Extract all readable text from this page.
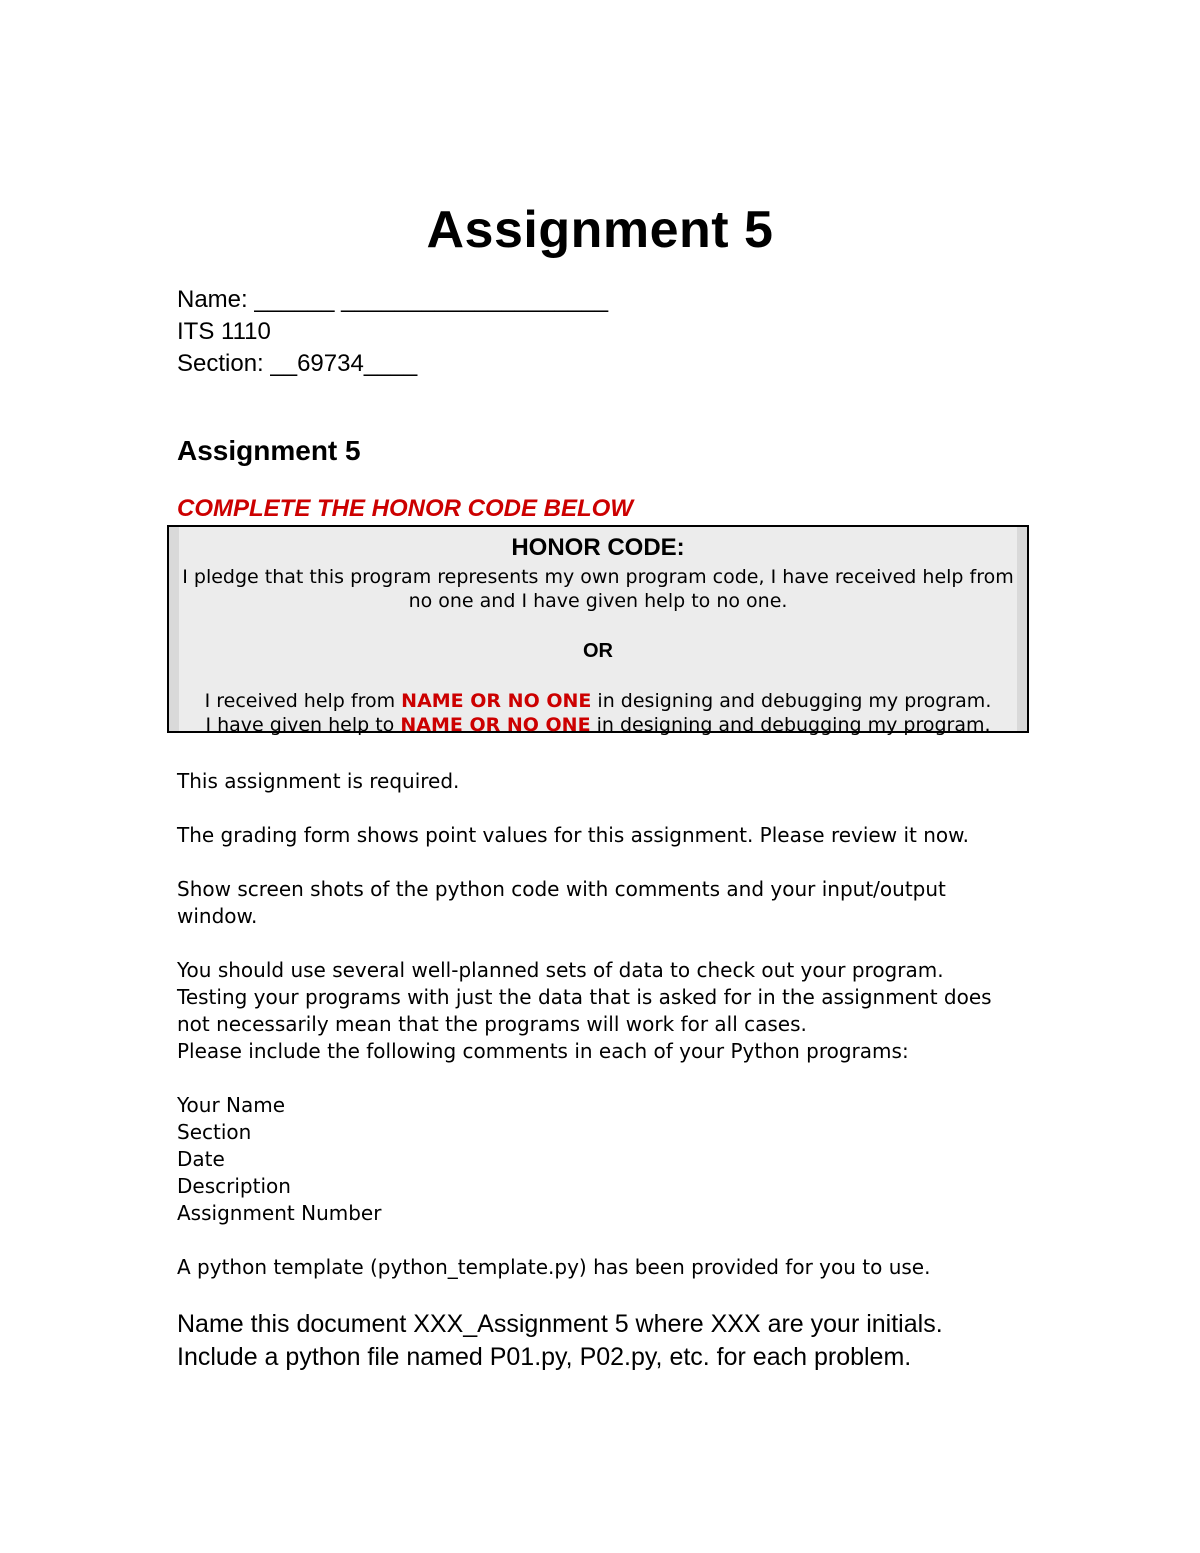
Assignment 5
Name: ______ ____________________
ITS 1110
Section: __69734____
Assignment 5
COMPLETE THE HONOR CODE BELOW
HONOR CODE:
I pledge that this program represents my own program code, I have received help from
no one and I have given help to no one.
OR
I received help from NAME OR NO ONE in designing and debugging my program.
I have given help to NAME OR NO ONE in designing and debugging my program.

This assignment is required.

The grading form shows point values for this assignment. Please review it now.

Show screen shots of the python code with comments and your input/output

window.

You should use several well-planned sets of data to check out your program.

Testing your programs with just the data that is asked for in the assignment does

not necessarily mean that the programs will work for all cases.

Please include the following comments in each of your Python programs:

Your Name

Section

Date

Description

Assignment Number

A python template (python_template.py) has been provided for you to use.

Name this document XXX_Assignment 5 where XXX are your initials.
Include a python file named P01.py, P02.py, etc. for each problem.
